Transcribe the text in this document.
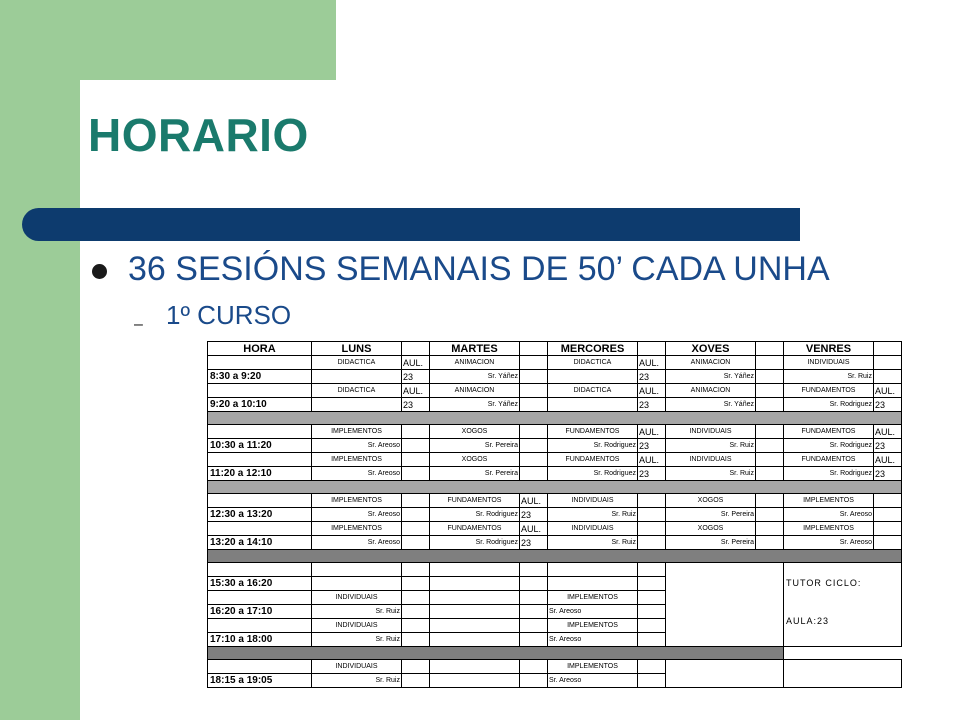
HORARIO
36 SESIÓNS SEMANAIS DE 50’ CADA UNHA
– 1º CURSO
HORA	LUNS		MARTES		MERCORES		XOVES		VENRES	
	DIDACTICA	AUL.	ANIMACION		DIDACTICA	AUL.	ANIMACION		INDIVIDUAIS	
8:30 a 9:20		23	Sr. Yáñez			23	Sr. Yáñez		Sr. Ruiz	
	DIDACTICA	AUL.	ANIMACION		DIDACTICA	AUL.	ANIMACION		FUNDAMENTOS	AUL.
9:20 a 10:10		23	Sr. Yáñez			23	Sr. Yáñez		Sr. Rodriguez	23

	IMPLEMENTOS		XOGOS		FUNDAMENTOS	AUL.	INDIVIDUAIS		FUNDAMENTOS	AUL.
10:30 a 11:20	Sr. Areoso		Sr. Pereira		Sr. Rodriguez	23	Sr. Ruiz		Sr. Rodriguez	23
	IMPLEMENTOS		XOGOS		FUNDAMENTOS	AUL.	INDIVIDUAIS		FUNDAMENTOS	AUL.
11:20 a 12:10	Sr. Areoso		Sr. Pereira		Sr. Rodriguez	23	Sr. Ruiz		Sr. Rodriguez	23

	IMPLEMENTOS		FUNDAMENTOS	AUL.	INDIVIDUAIS		XOGOS		IMPLEMENTOS	
12:30 a 13:20	Sr. Areoso		Sr. Rodriguez	23	Sr. Ruiz		Sr. Pereira		Sr. Areoso	
	IMPLEMENTOS		FUNDAMENTOS	AUL.	INDIVIDUAIS		XOGOS		IMPLEMENTOS	
13:20 a 14:10	Sr. Areoso		Sr. Rodriguez	23	Sr. Ruiz		Sr. Pereira		Sr. Areoso	

									TUTOR CICLO:
AULA:23	

15:30 a 16:20										
	INDIVIDUAIS				IMPLEMENTOS					
16:20 a 17:10	Sr. Ruiz				Sr. Areoso					
	INDIVIDUAIS				IMPLEMENTOS					
17:10 a 18:00	Sr. Ruiz				Sr. Areoso					

	INDIVIDUAIS				IMPLEMENTOS					
18:15 a 19:05	Sr. Ruiz				Sr. Areoso					
